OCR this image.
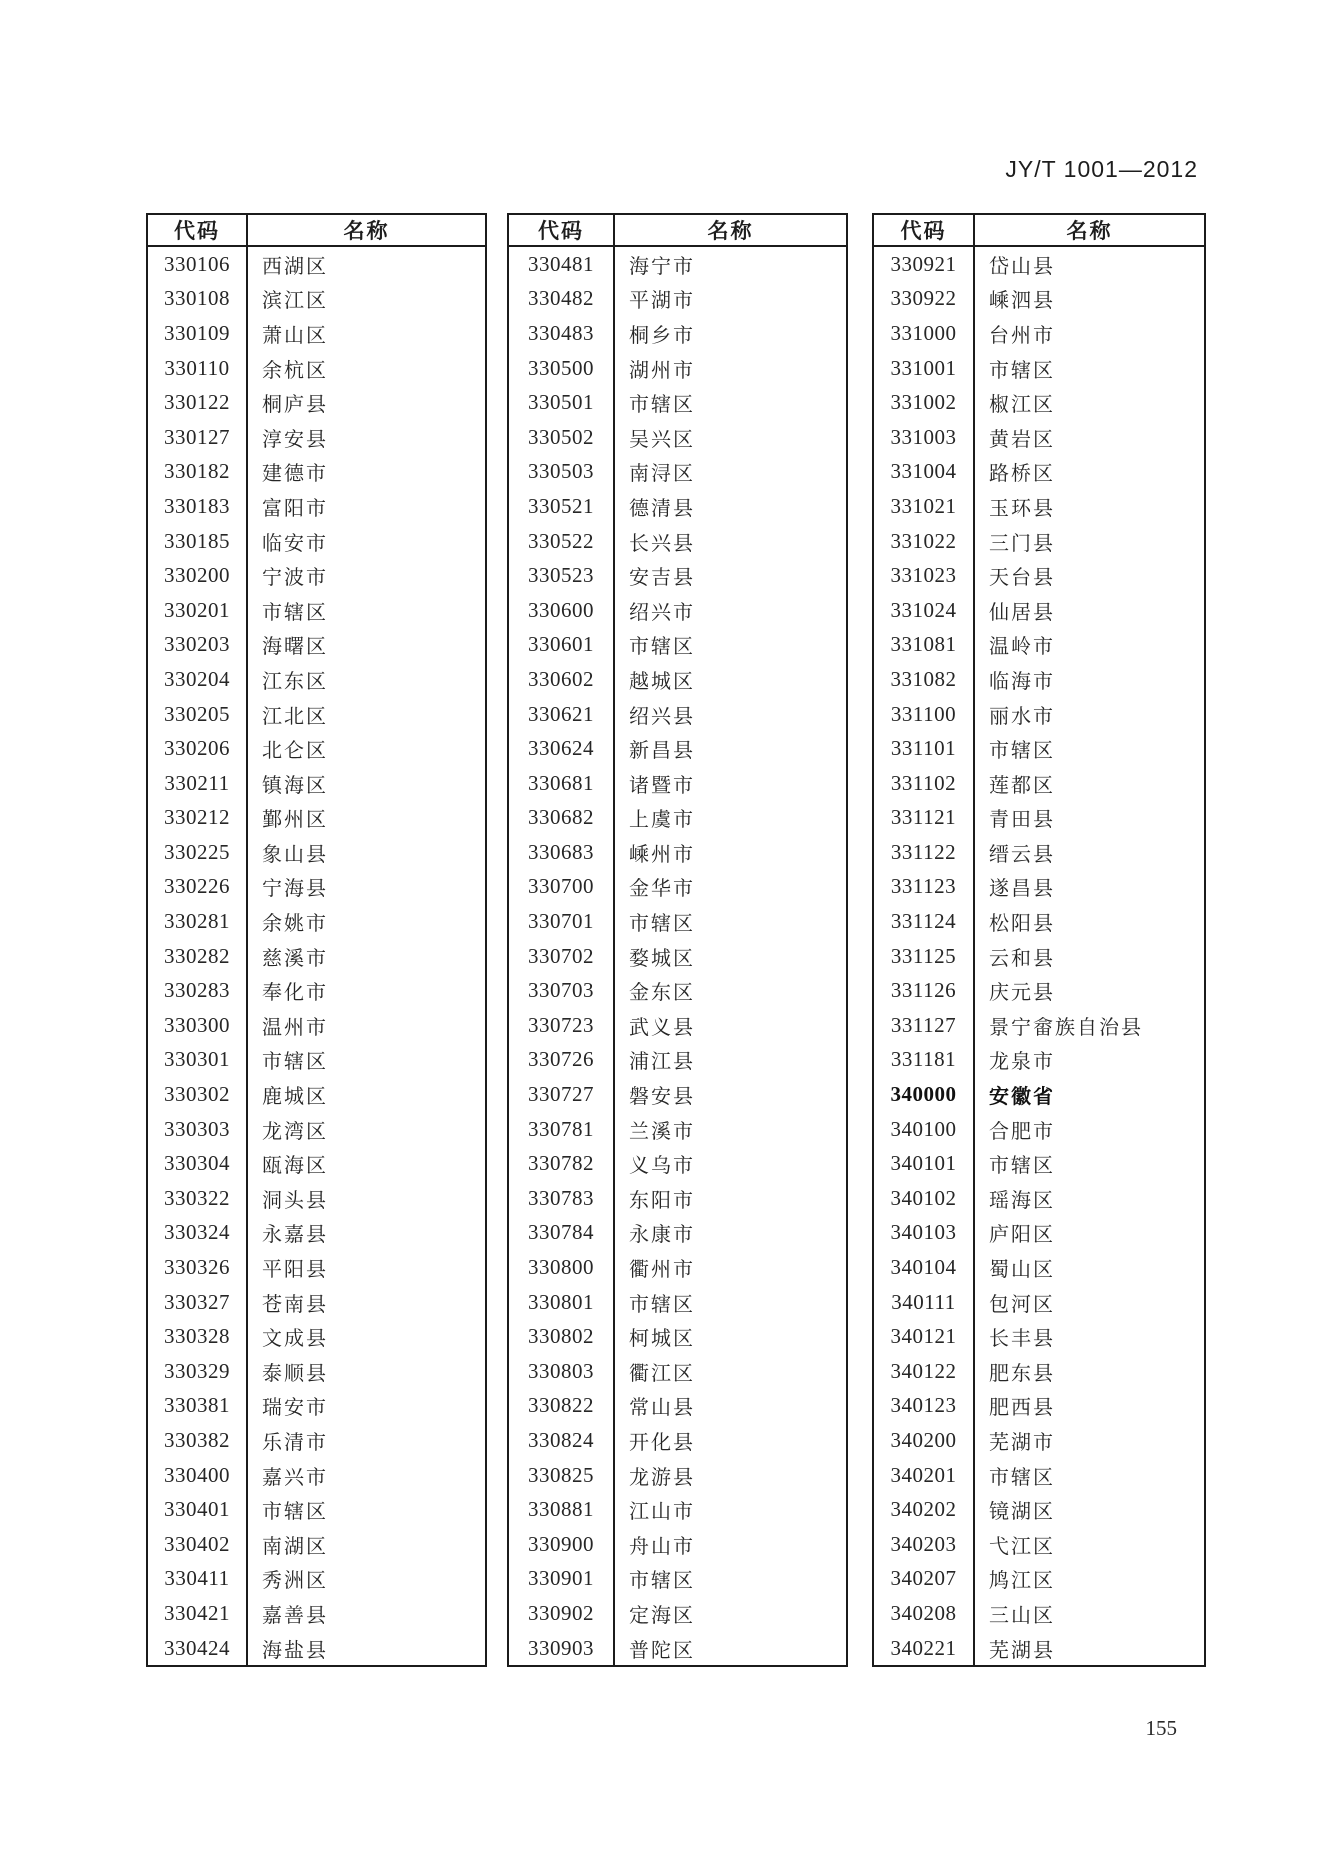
JY/T 1001—2012
代码	名称
330106	西湖区
330108	滨江区
330109	萧山区
330110	余杭区
330122	桐庐县
330127	淳安县
330182	建德市
330183	富阳市
330185	临安市
330200	宁波市
330201	市辖区
330203	海曙区
330204	江东区
330205	江北区
330206	北仑区
330211	镇海区
330212	鄞州区
330225	象山县
330226	宁海县
330281	余姚市
330282	慈溪市
330283	奉化市
330300	温州市
330301	市辖区
330302	鹿城区
330303	龙湾区
330304	瓯海区
330322	洞头县
330324	永嘉县
330326	平阳县
330327	苍南县
330328	文成县
330329	泰顺县
330381	瑞安市
330382	乐清市
330400	嘉兴市
330401	市辖区
330402	南湖区
330411	秀洲区
330421	嘉善县
330424	海盐县
代码	名称
330481	海宁市
330482	平湖市
330483	桐乡市
330500	湖州市
330501	市辖区
330502	吴兴区
330503	南浔区
330521	德清县
330522	长兴县
330523	安吉县
330600	绍兴市
330601	市辖区
330602	越城区
330621	绍兴县
330624	新昌县
330681	诸暨市
330682	上虞市
330683	嵊州市
330700	金华市
330701	市辖区
330702	婺城区
330703	金东区
330723	武义县
330726	浦江县
330727	磐安县
330781	兰溪市
330782	义乌市
330783	东阳市
330784	永康市
330800	衢州市
330801	市辖区
330802	柯城区
330803	衢江区
330822	常山县
330824	开化县
330825	龙游县
330881	江山市
330900	舟山市
330901	市辖区
330902	定海区
330903	普陀区
代码	名称
330921	岱山县
330922	嵊泗县
331000	台州市
331001	市辖区
331002	椒江区
331003	黄岩区
331004	路桥区
331021	玉环县
331022	三门县
331023	天台县
331024	仙居县
331081	温岭市
331082	临海市
331100	丽水市
331101	市辖区
331102	莲都区
331121	青田县
331122	缙云县
331123	遂昌县
331124	松阳县
331125	云和县
331126	庆元县
331127	景宁畲族自治县
331181	龙泉市
340000	安徽省
340100	合肥市
340101	市辖区
340102	瑶海区
340103	庐阳区
340104	蜀山区
340111	包河区
340121	长丰县
340122	肥东县
340123	肥西县
340200	芜湖市
340201	市辖区
340202	镜湖区
340203	弋江区
340207	鸠江区
340208	三山区
340221	芜湖县
155
